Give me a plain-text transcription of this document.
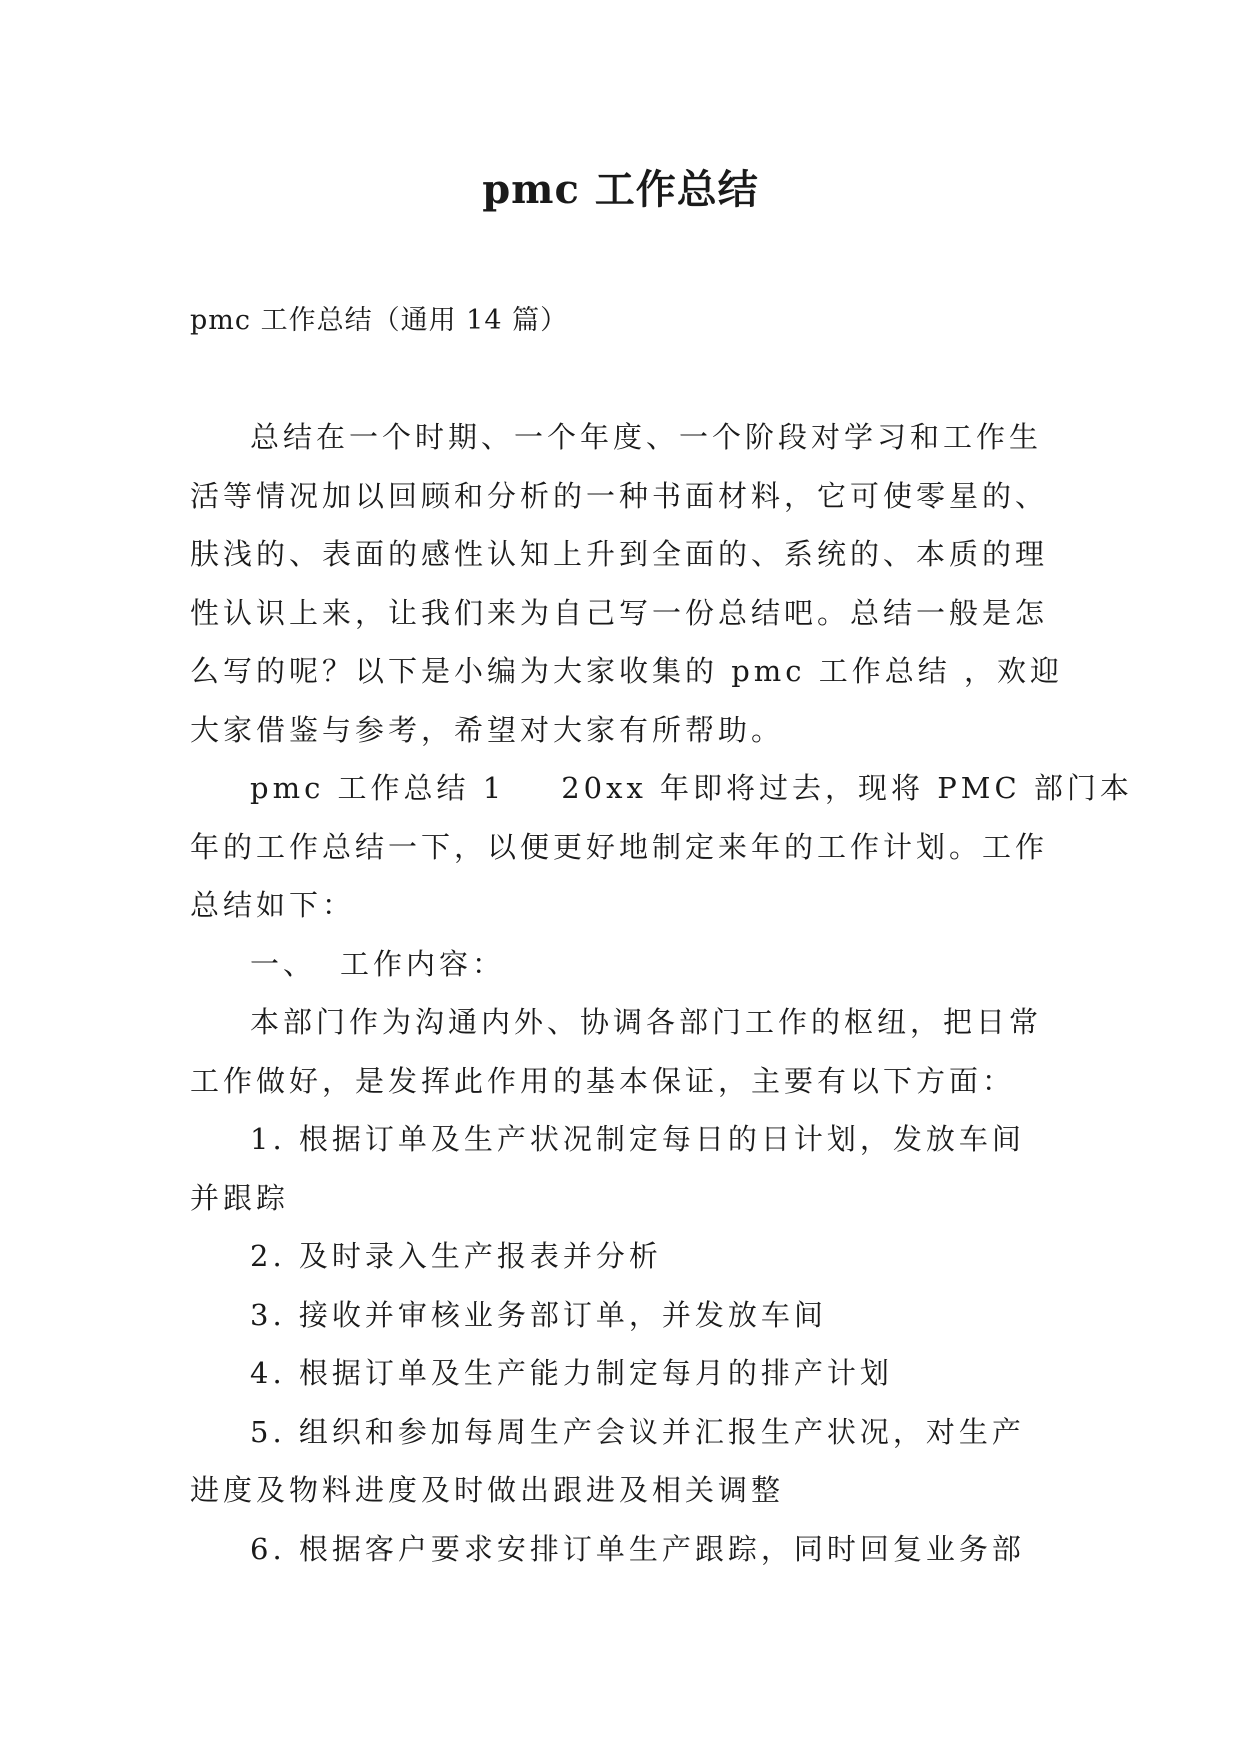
pmc 工作总结
pmc 工作总结（通用 14 篇）

总结在一个时期、一个年度、一个阶段对学习和工作生
活等情况加以回顾和分析的一种书面材料，它可使零星的、
肤浅的、表面的感性认知上升到全面的、系统的、本质的理
性认识上来，让我们来为自己写一份总结吧。总结一般是怎
么写的呢？以下是小编为大家收集的 pmc 工作总结 ，欢迎
大家借鉴与参考，希望对大家有所帮助。

pmc 工作总结 1 20xx 年即将过去，现将 PMC 部门本
年的工作总结一下，以便更好地制定来年的工作计划。工作
总结如下：

一、 工作内容：

本部门作为沟通内外、协调各部门工作的枢纽，把日常
工作做好，是发挥此作用的基本保证，主要有以下方面：

1. 根据订单及生产状况制定每日的日计划，发放车间
并跟踪

2. 及时录入生产报表并分析

3. 接收并审核业务部订单，并发放车间

4. 根据订单及生产能力制定每月的排产计划

5. 组织和参加每周生产会议并汇报生产状况，对生产
进度及物料进度及时做出跟进及相关调整

6. 根据客户要求安排订单生产跟踪，同时回复业务部
